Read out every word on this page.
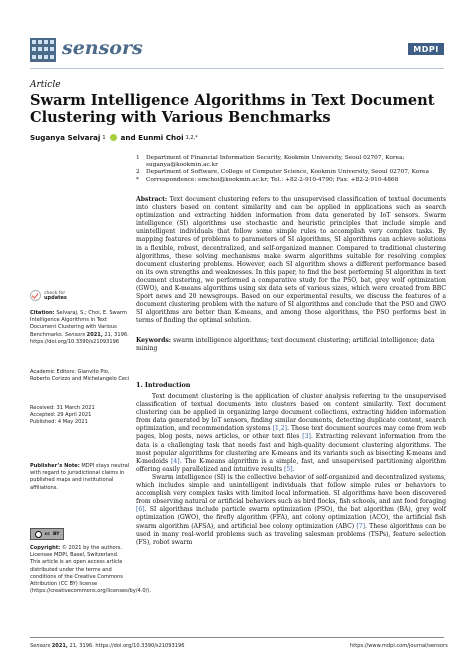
sensors	MDPI
Article
Swarm Intelligence Algorithms in Text Document Clustering with Various Benchmarks
Suganya Selvaraj 1 and Eunmi Choi 1,2,*
1	Department of Financial Information Security, Kookmin University, Seoul 02707, Korea;
suganya@kookmin.ac.kr
2	Department of Software, College of Computer Science, Kookmin University, Seoul 02707, Korea
*	Correspondence: emchoi@kookmin.ac.kr; Tel.: +82-2-910-4790; Fax: +82-2-910-4868

Abstract: Text document clustering refers to the unsupervised classification of textual documents into clusters based on content similarity and can be applied in applications such as search optimization and extracting hidden information from data generated by IoT sensors. Swarm intelligence (SI) algorithms use stochastic and heuristic principles that include simple and unintelligent individuals that follow some simple rules to accomplish very complex tasks. By mapping features of problems to parameters of SI algorithms, SI algorithms can achieve solutions in a flexible, robust, decentralized, and self-organized manner. Compared to traditional clustering algorithms, these solving mechanisms make swarm algorithms suitable for resolving complex document clustering problems. However, each SI algorithm shows a different performance based on its own strengths and weaknesses. In this paper, to find the best performing SI algorithm in text document clustering, we performed a comparative study for the PSO, bat, grey wolf optimization (GWO), and K-means algorithms using six data sets of various sizes, which were created from BBC Sport news and 20 newsgroups. Based on our experimental results, we discuss the features of a document clustering problem with the nature of SI algorithms and conclude that the PSO and GWO SI algorithms are better than K-means, and among those algorithms, the PSO performs best in terms of finding the optimal solution.

Keywords: swarm intelligence algorithms; text document clustering; artificial intelligence; data mining
check for
updates

Citation: Selvaraj, S.; Choi, E. Swarm Intelligence Algorithms in Text Document Clustering with Various Benchmarks. Sensors 2021, 21, 3196. https://doi.org/10.3390/s21093196

Academic Editors: Gianvito Pio, Roberto Corizzo and Michelangelo Ceci

Received: 31 March 2021

Accepted: 29 April 2021

Published: 4 May 2021

Publisher’s Note: MDPI stays neutral with regard to jurisdictional claims in published maps and institutional affiliations.

cc BY

Copyright: © 2021 by the authors. Licensee MDPI, Basel, Switzerland. This article is an open access article distributed under the terms and conditions of the Creative Commons Attribution (CC BY) license (https://creativecommons.org/licenses/by/4.0/).

1. Introduction

Text document clustering is the application of cluster analysis referring to the unsupervised classification of textual documents into clusters based on content similarity. Text document clustering can be applied in organizing large document collections, extracting hidden information from data generated by IoT sensors, finding similar documents, detecting duplicate content, search optimization, and recommendation systems [1,2]. These text document sources may come from web pages, blog posts, news articles, or other text files [3]. Extracting relevant information from the data is a challenging task that needs fast and high-quality document clustering algorithms. The most popular algorithms for clustering are K-means and its variants such as bisecting K-means and K-medoids [4]. The K-means algorithm is a simple, fast, and unsupervised partitioning algorithm offering easily parallelized and intuitive results [5].

Swarm intelligence (SI) is the collective behavior of self-organized and decentralized systems, which includes simple and unintelligent individuals that follow simple rules or behaviors to accomplish very complex tasks with limited local information. SI algorithms have been discovered from observing natural or artificial behaviors such as bird flocks, fish schools, and ant food foraging [6]. SI algorithms include particle swarm optimization (PSO), the bat algorithm (BA), grey wolf optimization (GWO), the firefly algorithm (FFA), ant colony optimization (ACO), the artificial fish swarm algorithm (AFSA), and artificial bee colony optimization (ABC) [7]. These algorithms can be used in many real-world problems such as traveling salesman problems (TSPs), feature selection (FS), robot swarm

Sensors 2021, 21, 3196. https://doi.org/10.3390/s21093196	https://www.mdpi.com/journal/sensors
